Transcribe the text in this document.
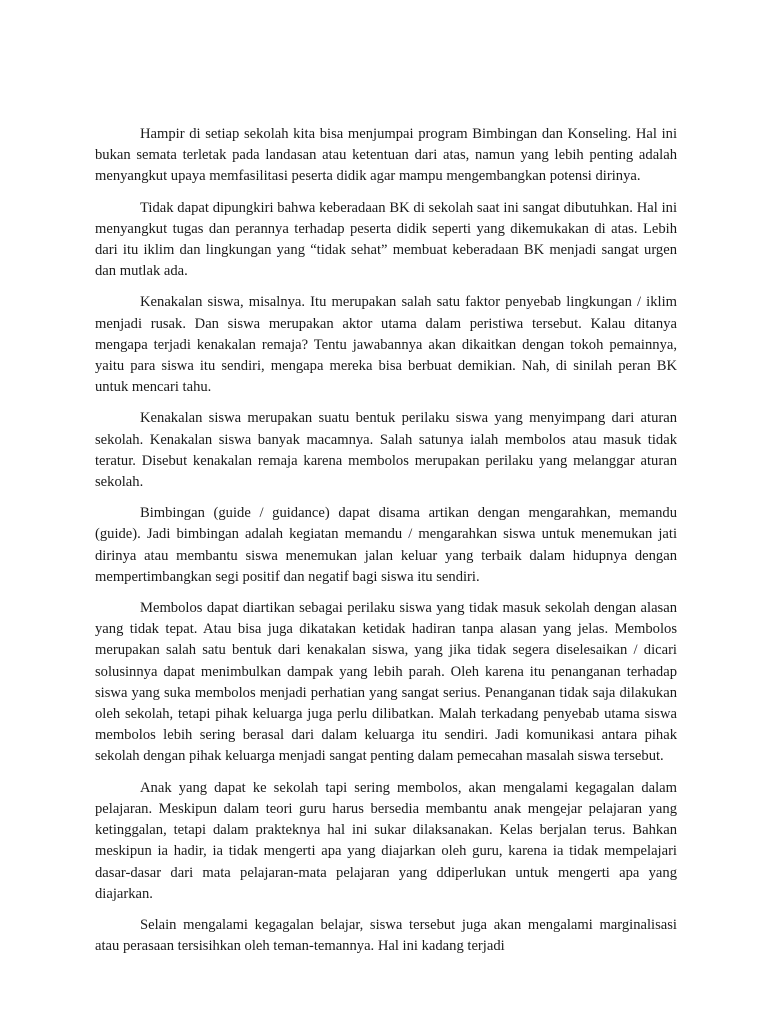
Hampir di setiap sekolah kita bisa menjumpai program Bimbingan dan Konseling. Hal ini bukan semata terletak pada landasan atau ketentuan dari atas, namun yang lebih penting adalah menyangkut upaya memfasilitasi peserta didik agar mampu mengembangkan potensi dirinya.

Tidak dapat dipungkiri bahwa keberadaan BK di sekolah saat ini sangat dibutuhkan. Hal ini menyangkut tugas dan perannya terhadap peserta didik seperti yang dikemukakan di atas. Lebih dari itu iklim dan lingkungan yang “tidak sehat” membuat keberadaan BK menjadi sangat urgen dan mutlak ada.

Kenakalan siswa, misalnya. Itu merupakan salah satu faktor penyebab lingkungan / iklim menjadi rusak. Dan siswa merupakan aktor utama dalam peristiwa tersebut. Kalau ditanya mengapa terjadi kenakalan remaja? Tentu jawabannya akan dikaitkan dengan tokoh pemainnya, yaitu para siswa itu sendiri, mengapa mereka bisa berbuat demikian. Nah, di sinilah peran BK untuk mencari tahu.

Kenakalan siswa merupakan suatu bentuk perilaku siswa yang menyimpang dari aturan sekolah. Kenakalan siswa banyak macamnya. Salah satunya ialah membolos atau masuk tidak teratur. Disebut kenakalan remaja karena membolos merupakan perilaku yang melanggar aturan sekolah.

Bimbingan (guide / guidance) dapat disama artikan dengan mengarahkan, memandu (guide). Jadi bimbingan adalah kegiatan memandu / mengarahkan siswa untuk menemukan jati dirinya atau membantu siswa menemukan jalan keluar yang terbaik dalam hidupnya dengan mempertimbangkan segi positif dan negatif bagi siswa itu sendiri.

Membolos dapat diartikan sebagai perilaku siswa yang tidak masuk sekolah dengan alasan yang tidak tepat. Atau bisa juga dikatakan ketidak hadiran tanpa alasan yang jelas. Membolos merupakan salah satu bentuk dari kenakalan siswa, yang jika tidak segera diselesaikan / dicari solusinnya dapat menimbulkan dampak yang lebih parah. Oleh karena itu penanganan terhadap siswa yang suka membolos menjadi perhatian yang sangat serius. Penanganan tidak saja dilakukan oleh sekolah, tetapi pihak keluarga juga perlu dilibatkan. Malah terkadang penyebab utama siswa membolos lebih sering berasal dari dalam keluarga itu sendiri. Jadi komunikasi antara pihak sekolah dengan pihak keluarga menjadi sangat penting dalam pemecahan masalah siswa tersebut.

Anak yang dapat ke sekolah tapi sering membolos, akan mengalami kegagalan dalam pelajaran. Meskipun dalam teori guru harus bersedia membantu anak mengejar pelajaran yang ketinggalan, tetapi dalam prakteknya hal ini sukar dilaksanakan. Kelas berjalan terus. Bahkan meskipun ia hadir, ia tidak mengerti apa yang diajarkan oleh guru, karena ia tidak mempelajari dasar-dasar dari mata pelajaran-mata pelajaran yang ddiperlukan untuk mengerti apa yang diajarkan.

Selain mengalami kegagalan belajar, siswa tersebut juga akan mengalami marginalisasi atau perasaan tersisihkan oleh teman-temannya. Hal ini kadang terjadi
